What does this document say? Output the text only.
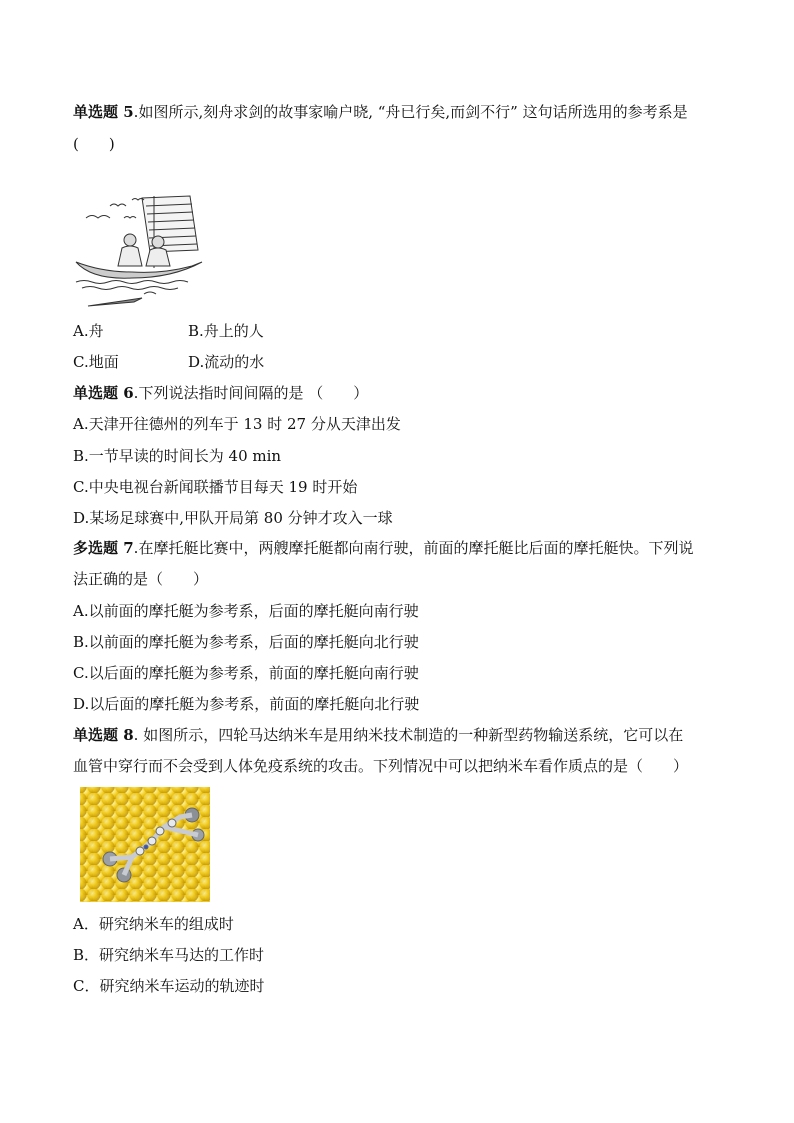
单选题 5.如图所示,刻舟求剑的故事家喻户晓, “舟已行矣,而剑不行” 这句话所选用的参考系是
(　　)
A.舟	B.舟上的人
C.地面	D.流动的水
单选题 6.下列说法指时间间隔的是 （　　）
A.天津开往德州的列车于 13 时 27 分从天津出发
B.一节早读的时间长为 40 min
C.中央电视台新闻联播节目每天 19 时开始
D.某场足球赛中,甲队开局第 80 分钟才攻入一球
多选题 7.在摩托艇比赛中，两艘摩托艇都向南行驶，前面的摩托艇比后面的摩托艇快。下列说
法正确的是（　　）
A.以前面的摩托艇为参考系，后面的摩托艇向南行驶
B.以前面的摩托艇为参考系，后面的摩托艇向北行驶
C.以后面的摩托艇为参考系，前面的摩托艇向南行驶
D.以后面的摩托艇为参考系，前面的摩托艇向北行驶
单选题 8. 如图所示，四轮马达纳米车是用纳米技术制造的一种新型药物输送系统，它可以在
血管中穿行而不会受到人体免疫系统的攻击。下列情况中可以把纳米车看作质点的是（　　）
A．研究纳米车的组成时
B．研究纳米车马达的工作时
C．研究纳米车运动的轨迹时
